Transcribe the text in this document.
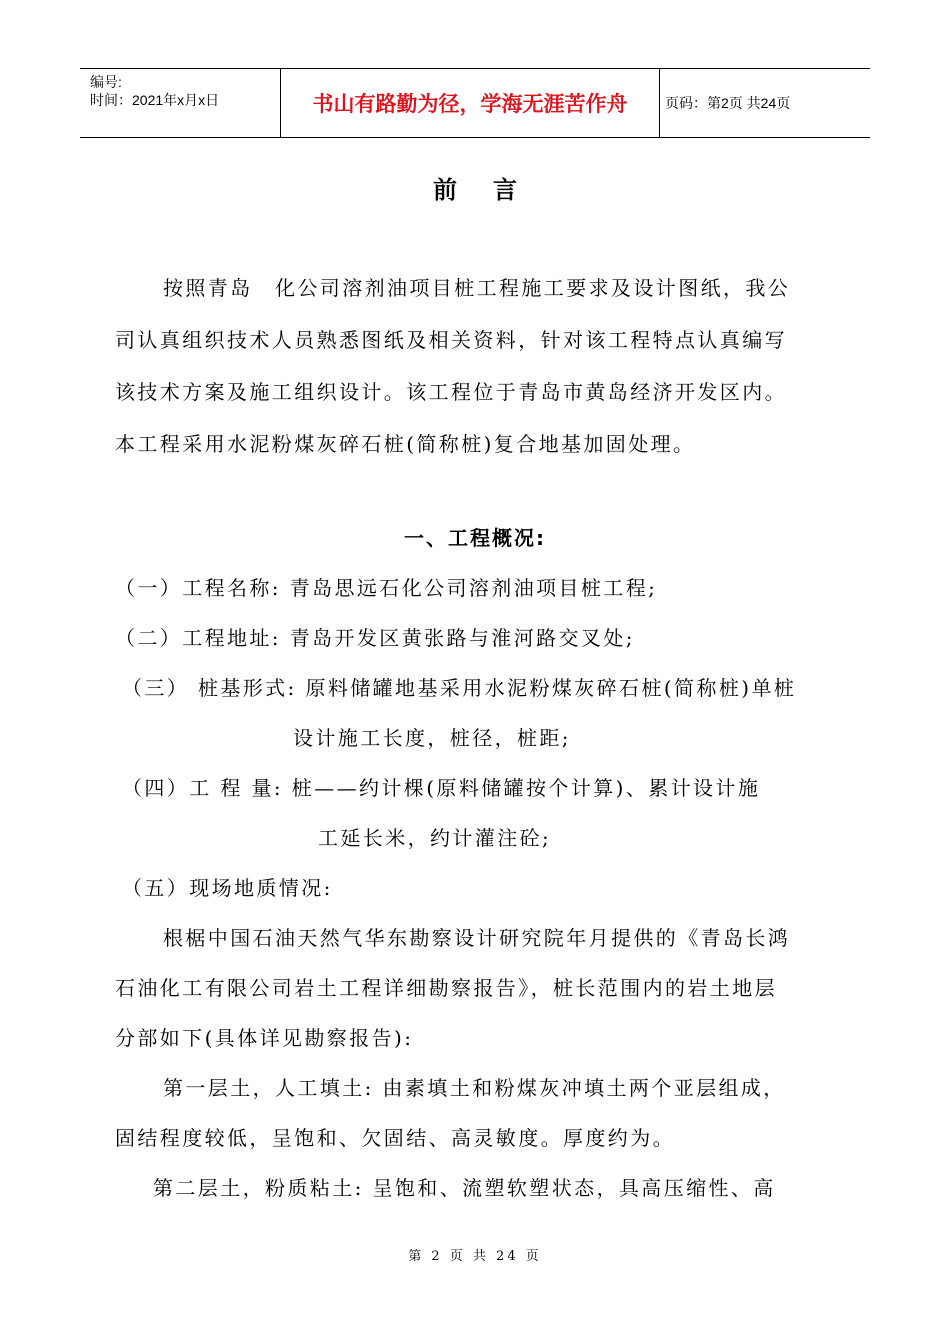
编号:
时间：2021年x月x日	书山有路勤为径，学海无涯苦作舟	页码：第2页 共24页
前言
按照青岛　化公司溶剂油项目桩工程施工要求及设计图纸，我公
司认真组织技术人员熟悉图纸及相关资料，针对该工程特点认真编写
该技术方案及施工组织设计。该工程位于青岛市黄岛经济开发区内。
本工程采用水泥粉煤灰碎石桩(简称桩)复合地基加固处理。
一、工程概况:
（一）工程名称: 青岛思远石化公司溶剂油项目桩工程;
（二）工程地址: 青岛开发区黄张路与淮河路交叉处;
（三） 桩基形式: 原料储罐地基采用水泥粉煤灰碎石桩(简称桩)单桩
设计施工长度，桩径，桩距;
（四）工 程 量: 桩——约计棵(原料储罐按个计算)、累计设计施
工延长米，约计灌注砼;
（五）现场地质情况:
根椐中国石油天然气华东勘察设计研究院年月提供的《青岛长鸿
石油化工有限公司岩土工程详细勘察报告》，桩长范围内的岩土地层
分部如下(具体详见勘察报告):
第一层土，人工填土: 由素填土和粉煤灰冲填土两个亚层组成，
固结程度较低，呈饱和、欠固结、高灵敏度。厚度约为。
第二层土，粉质粘土: 呈饱和、流塑软塑状态，具高压缩性、高
第 2 页 共 24 页
